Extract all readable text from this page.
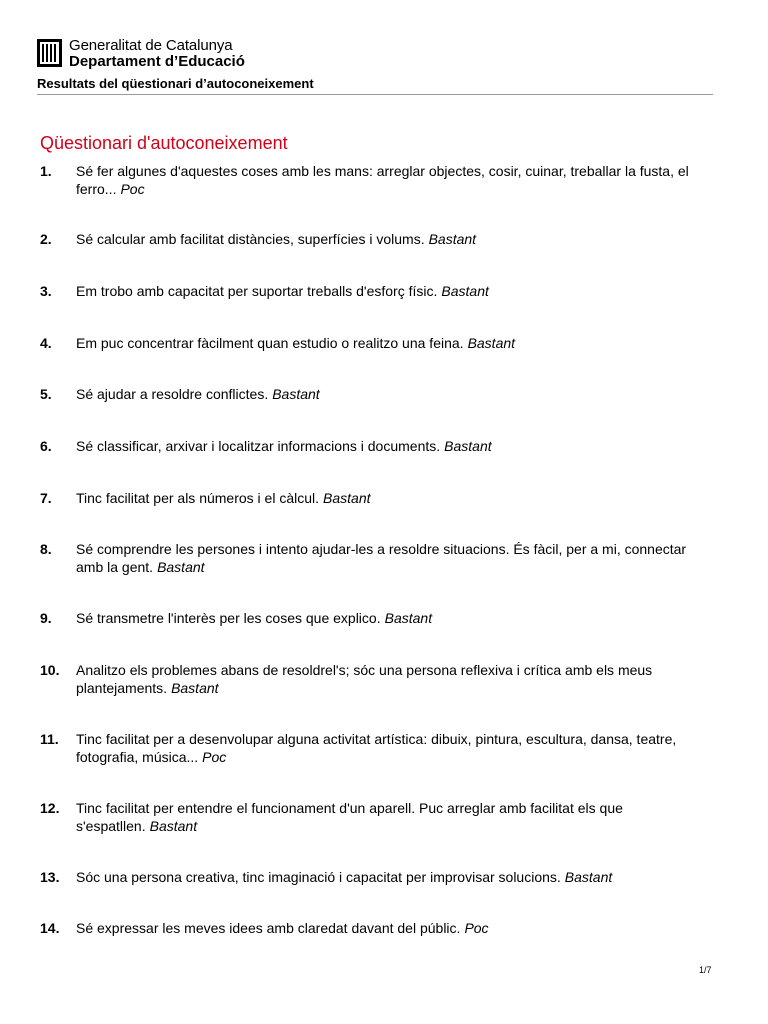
Generalitat de Catalunya
Departament d’Educació
Resultats del qüestionari d’autoconeixement
Qüestionari d'autoconeixement
1. Sé fer algunes d'aquestes coses amb les mans: arreglar objectes, cosir, cuinar, treballar la fusta, el ferro... Poc
2. Sé calcular amb facilitat distàncies, superfícies i volums. Bastant
3. Em trobo amb capacitat per suportar treballs d'esforç físic. Bastant
4. Em puc concentrar fàcilment quan estudio o realitzo una feina. Bastant
5. Sé ajudar a resoldre conflictes. Bastant
6. Sé classificar, arxivar i localitzar informacions i documents. Bastant
7. Tinc facilitat per als números i el càlcul. Bastant
8. Sé comprendre les persones i intento ajudar-les a resoldre situacions. És fàcil, per a mi, connectar amb la gent. Bastant
9. Sé transmetre l'interès per les coses que explico. Bastant
10. Analitzo els problemes abans de resoldrel's; sóc una persona reflexiva i crítica amb els meus plantejaments. Bastant
11. Tinc facilitat per a desenvolupar alguna activitat artística: dibuix, pintura, escultura, dansa, teatre, fotografia, música... Poc
12. Tinc facilitat per entendre el funcionament d'un aparell. Puc arreglar amb facilitat els que s'espatllen. Bastant
13. Sóc una persona creativa, tinc imaginació i capacitat per improvisar solucions. Bastant
14. Sé expressar les meves idees amb claredat davant del públic. Poc
1/7
